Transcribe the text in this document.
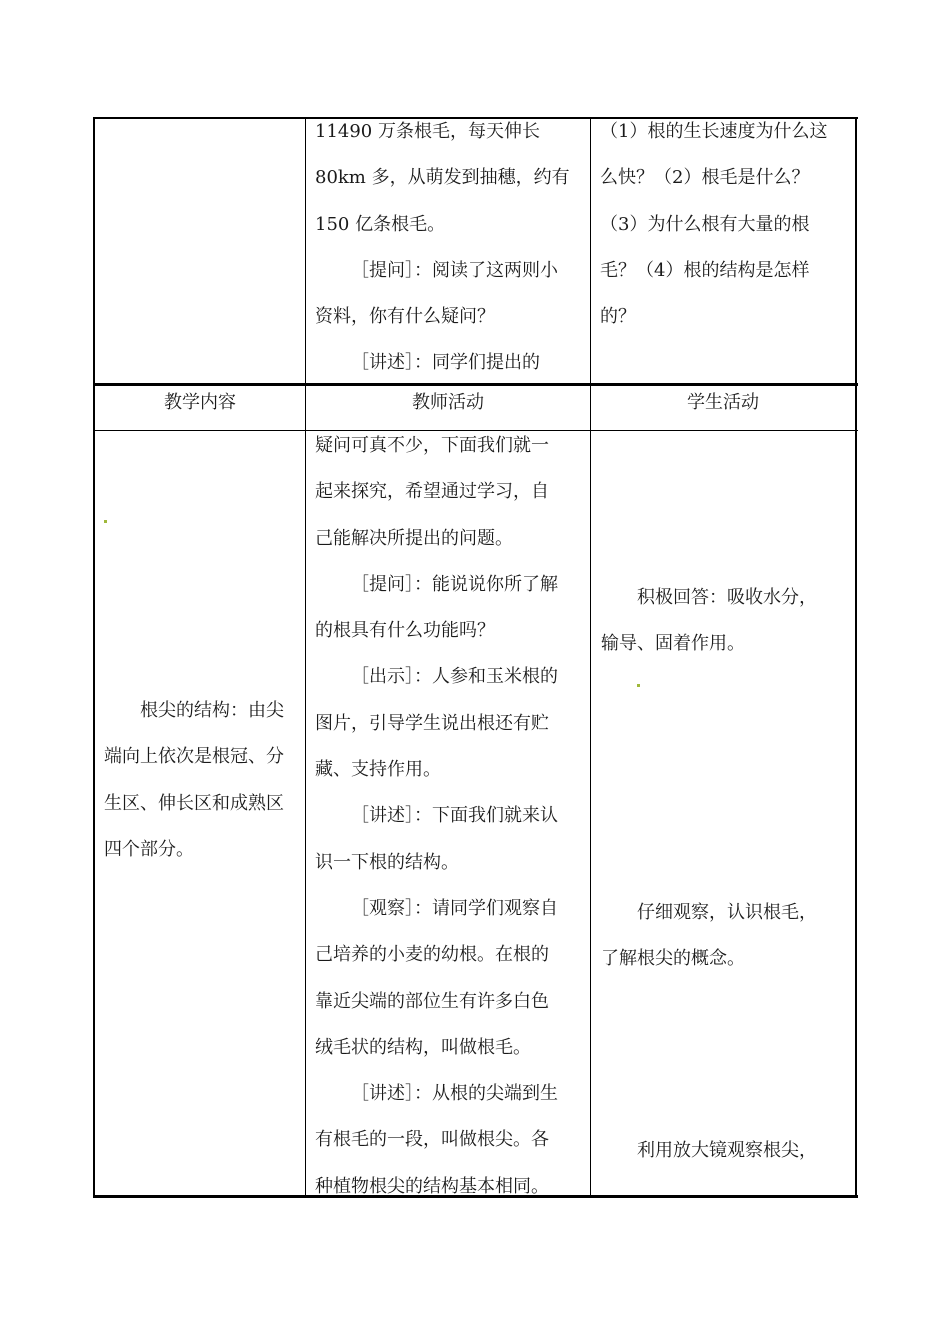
11490 万条根毛，每天伸长

80km 多，从萌发到抽穗，约有

150 亿条根毛。

［提问］：阅读了这两则小

资料，你有什么疑问？

［讲述］：同学们提出的

（1）根的生长速度为什么这

么快？（2）根毛是什么？

（3）为什么根有大量的根

毛？（4）根的结构是怎样

的？

教学内容	教师活动	学生活动

根尖的结构：由尖

端向上依次是根冠、分

生区、伸长区和成熟区

四个部分。

疑问可真不少，下面我们就一

起来探究，希望通过学习，自

己能解决所提出的问题。

［提问］：能说说你所了解

的根具有什么功能吗？

［出示］：人参和玉米根的

图片，引导学生说出根还有贮

藏、支持作用。

［讲述］：下面我们就来认

识一下根的结构。

［观察］：请同学们观察自

己培养的小麦的幼根。在根的

靠近尖端的部位生有许多白色

绒毛状的结构，叫做根毛。

［讲述］：从根的尖端到生

有根毛的一段，叫做根尖。各

种植物根尖的结构基本相同。

积极回答：吸收水分，

输导、固着作用。

仔细观察，认识根毛，

了解根尖的概念。

利用放大镜观察根尖，
